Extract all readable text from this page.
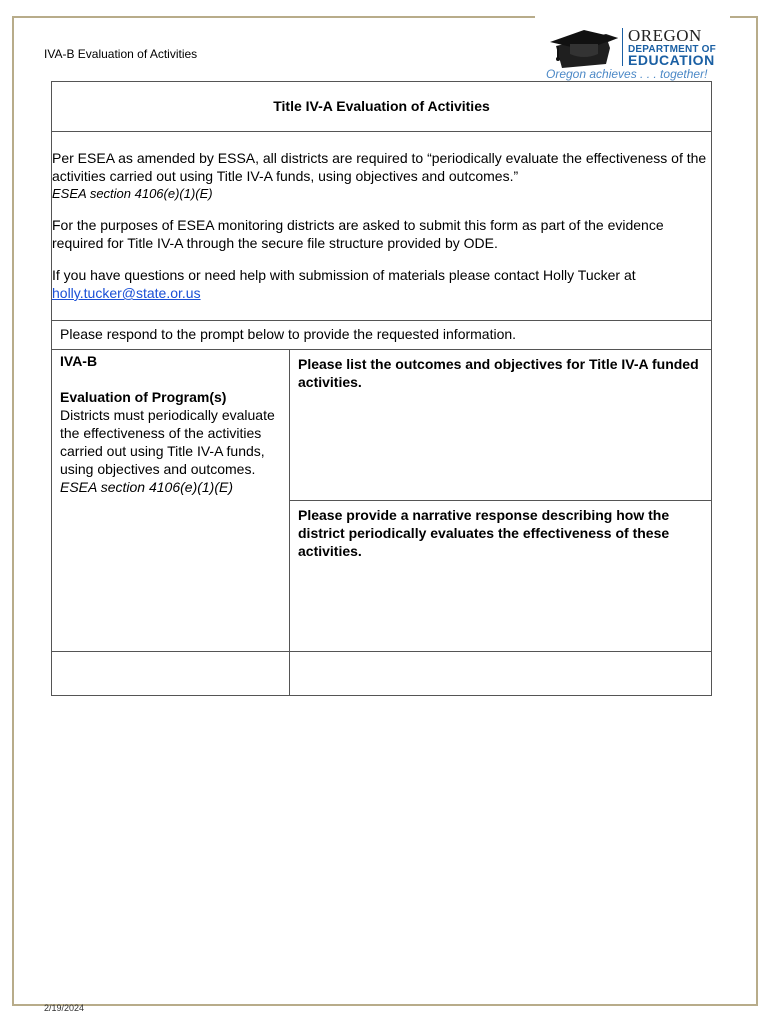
IVA-B Evaluation of Activities
OREGON
DEPARTMENT OF
EDUCATION
Oregon achieves . . . together!
Title IV-A Evaluation of Activities	

Per ESEA as amended by ESSA, all districts are required to “periodically evaluate the effectiveness of the activities carried out using Title IV-A funds, using objectives and outcomes.”

ESEA section 4106(e)(1)(E)

For the purposes of ESEA monitoring districts are asked to submit this form as part of the evidence required for Title IV-A through the secure file structure provided by ODE.

If you have questions or need help with submission of materials please contact Holly Tucker at
holly.tucker@state.or.us	

Please respond to the prompt below to provide the requested information.	

IVA-B

Evaluation of Program(s)

Districts must periodically evaluate the effectiveness of the activities carried out using Title IV-A funds, using objectives and outcomes.

ESEA section 4106(e)(1)(E)	Please list the outcomes and objectives for Title IV-A funded activities.
	Please provide a narrative response describing how the district periodically evaluates the effectiveness of these activities.

2/19/2024
